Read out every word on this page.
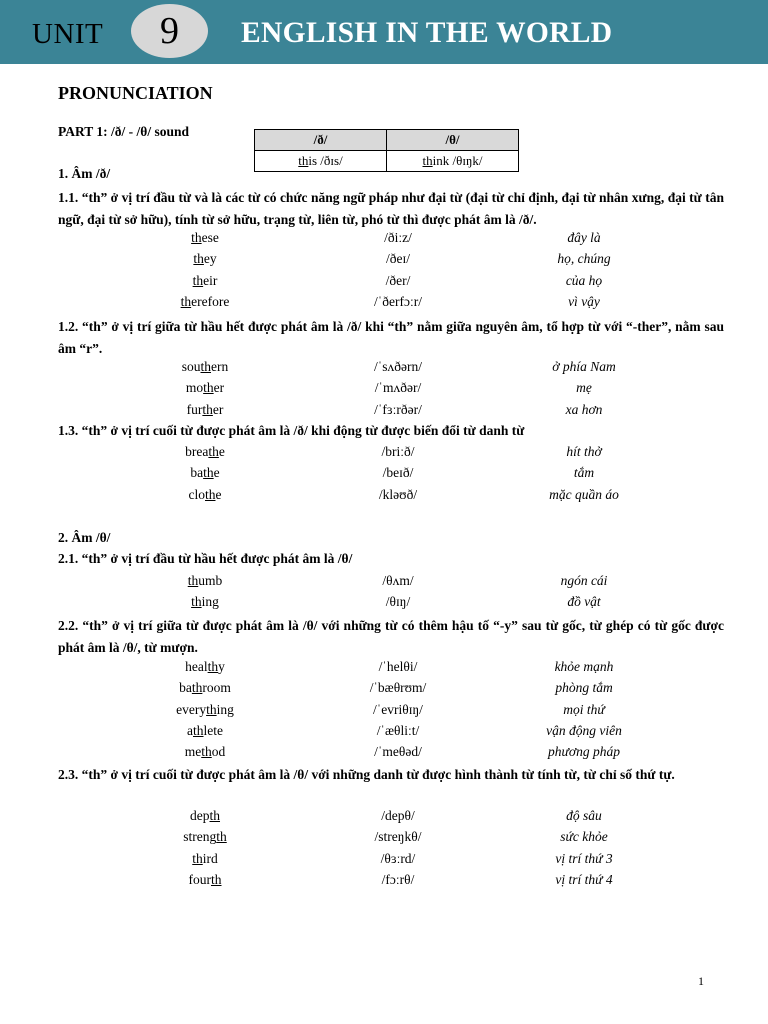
UNIT	9	ENGLISH IN THE WORLD
PRONUNCIATION
PART 1: /ð/ - /θ/ sound
/ð/	/θ/
this /ðɪs/	think /θɪŋk/
1. Âm /ð/
1.1. “th” ở vị trí đầu từ và là các từ có chức năng ngữ pháp như đại từ (đại từ chỉ định, đại từ nhân xưng, đại từ tân ngữ, đại từ sở hữu), tính từ sở hữu, trạng từ, liên từ, phó từ thì được phát âm là /ð/.
these	/ðiːz/	đây là
they	/ðeɪ/	họ, chúng
their	/ðer/	của họ
therefore	/ˈðerfɔːr/	vì vậy
1.2. “th” ở vị trí giữa từ hầu hết được phát âm là /ð/ khi “th” nằm giữa nguyên âm, tổ hợp từ với “-ther”, nằm sau âm “r”.
southern	/ˈsʌðərn/	ở phía Nam
mother	/ˈmʌðər/	mẹ
further	/ˈfɜːrðər/	xa hơn
1.3. “th” ở vị trí cuối từ được phát âm là /ð/ khi động từ được biến đổi từ danh từ
breathe	/briːð/	hít thở
bathe	/beɪð/	tắm
clothe	/kləʊð/	mặc quần áo
2. Âm /θ/
2.1. “th” ở vị trí đầu từ hầu hết được phát âm là /θ/
thumb	/θʌm/	ngón cái
thing	/θɪŋ/	đồ vật
2.2. “th” ở vị trí giữa từ được phát âm là /θ/ với những từ có thêm hậu tố “-y” sau từ gốc, từ ghép có từ gốc được phát âm là /θ/, từ mượn.
healthy	/ˈhelθi/	khỏe mạnh
bathroom	/ˈbæθrʊm/	phòng tắm
everything	/ˈevriθɪŋ/	mọi thứ
athlete	/ˈæθliːt/	vận động viên
method	/ˈmeθəd/	phương pháp
2.3. “th” ở vị trí cuối từ được phát âm là /θ/ với những danh từ được hình thành từ tính từ, từ chỉ số thứ tự.
depth	/depθ/	độ sâu
strength	/streŋkθ/	sức khỏe
third	/θɜːrd/	vị trí thứ 3
fourth	/fɔːrθ/	vị trí thứ 4
1
